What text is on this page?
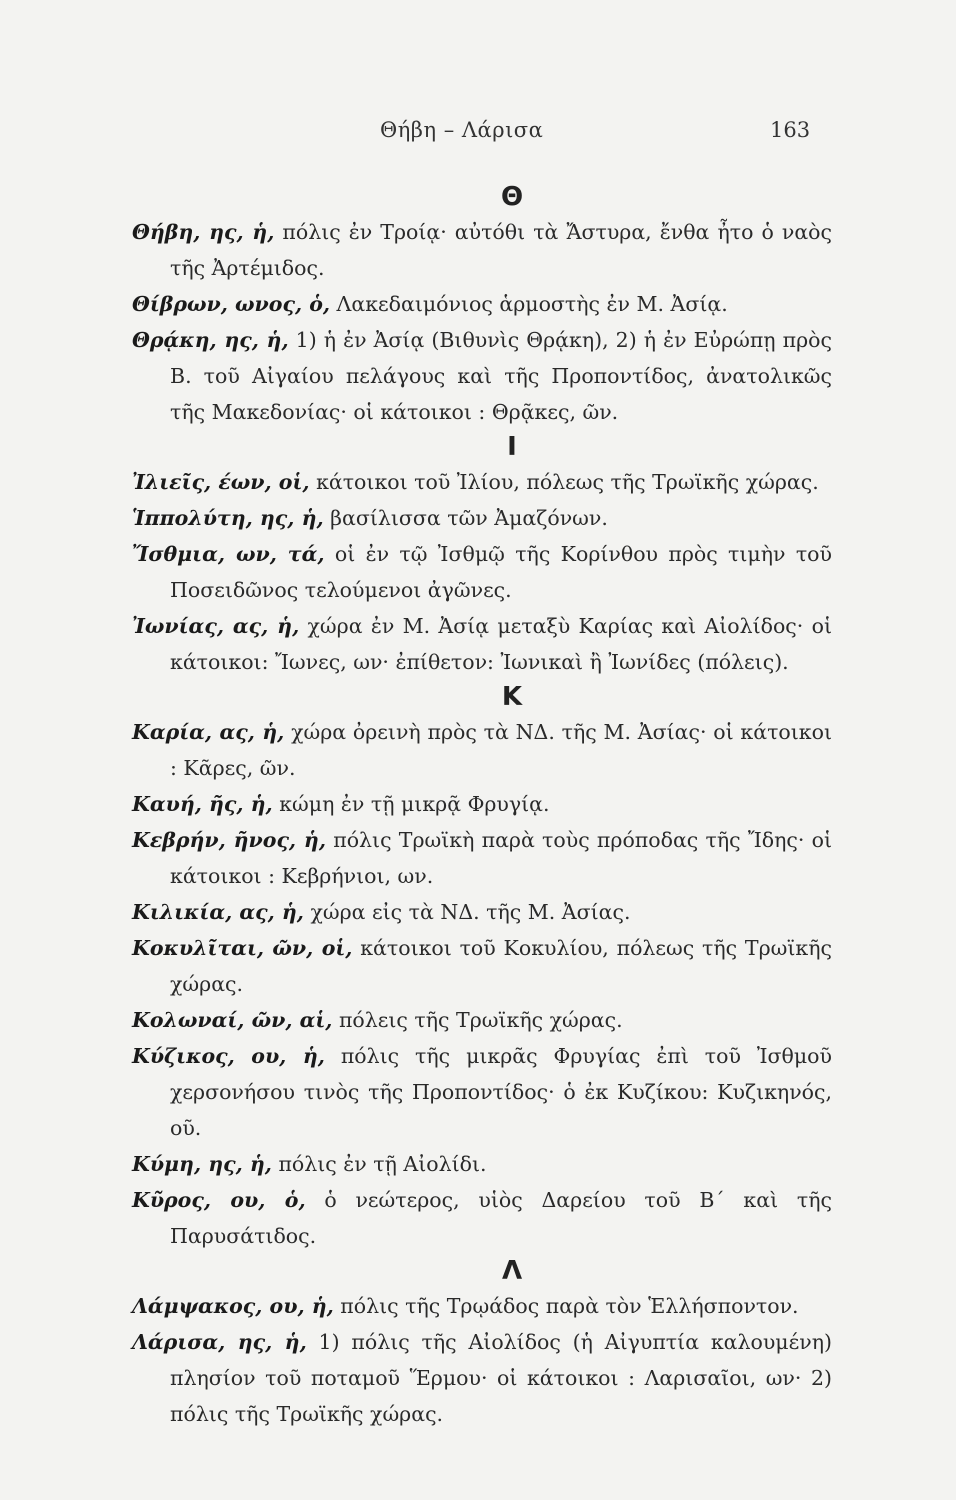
Θήβη – Λάρισα	163
Θ

Θήβη, ης, ἡ, πόλις ἐν Τροίᾳ· αὐτόθι τὰ Ἄστυρα, ἔνθα ἦτο ὁ ναὸς τῆς Ἀρτέμιδος.

Θίβρων, ωνος, ὁ, Λακεδαιμόνιος ἁρμοστὴς ἐν Μ. Ἀσίᾳ.

Θρᾴκη, ης, ἡ, 1) ἡ ἐν Ἀσίᾳ (Βιθυνὶς Θρᾴκη), 2) ἡ ἐν Εὐρώπῃ πρὸς Β. τοῦ Αἰγαίου πελάγους καὶ τῆς Προποντίδος, ἀνατολικῶς τῆς Μακεδονίας· οἱ κάτοικοι : Θρᾷκες, ῶν.

Ι

Ἰλιεῖς, έων, οἱ, κάτοικοι τοῦ Ἰλίου, πόλεως τῆς Τρωϊκῆς χώρας.

Ἱππολύτη, ης, ἡ, βασίλισσα τῶν Ἀμαζόνων.

Ἴσθμια, ων, τά, οἱ ἐν τῷ Ἰσθμῷ τῆς Κορίνθου πρὸς τιμὴν τοῦ Ποσειδῶνος τελούμενοι ἀγῶνες.

Ἰωνίας, ας, ἡ, χώρα ἐν Μ. Ἀσίᾳ μεταξὺ Καρίας καὶ Αἰολίδος· οἱ κάτοικοι: Ἴωνες, ων· ἐπίθετον: Ἰωνικαὶ ἢ Ἰωνίδες (πόλεις).

Κ

Καρία, ας, ἡ, χώρα ὀρεινὴ πρὸς τὰ ΝΔ. τῆς Μ. Ἀσίας· οἱ κάτοικοι : Κᾶρες, ῶν.

Καυή, ῆς, ἡ, κώμη ἐν τῇ μικρᾷ Φρυγίᾳ.

Κεβρήν, ῆνος, ἡ, πόλις Τρωϊκὴ παρὰ τοὺς πρόποδας τῆς Ἴδης· οἱ κάτοικοι : Κεβρήνιοι, ων.

Κιλικία, ας, ἡ, χώρα εἰς τὰ ΝΔ. τῆς Μ. Ἀσίας.

Κοκυλῖται, ῶν, οἱ, κάτοικοι τοῦ Κοκυλίου, πόλεως τῆς Τρωϊκῆς χώρας.

Κολωναί, ῶν, αἱ, πόλεις τῆς Τρωϊκῆς χώρας.

Κύζικος, ου, ἡ, πόλις τῆς μικρᾶς Φρυγίας ἐπὶ τοῦ Ἰσθμοῦ χερσονήσου τινὸς τῆς Προποντίδος· ὁ ἐκ Κυζίκου: Κυζικηνός, οῦ.

Κύμη, ης, ἡ, πόλις ἐν τῇ Αἰολίδι.

Κῦρος, ου, ὁ, ὁ νεώτερος, υἱὸς Δαρείου τοῦ Β΄ καὶ τῆς Παρυσάτιδος.

Λ

Λάμψακος, ου, ἡ, πόλις τῆς Τρῳάδος παρὰ τὸν Ἑλλήσποντον.

Λάρισα, ης, ἡ, 1) πόλις τῆς Αἰολίδος (ἡ Αἰγυπτία καλουμένη) πλησίον τοῦ ποταμοῦ Ἕρμου· οἱ κάτοικοι : Λαρισαῖοι, ων· 2) πόλις τῆς Τρωϊκῆς χώρας.
